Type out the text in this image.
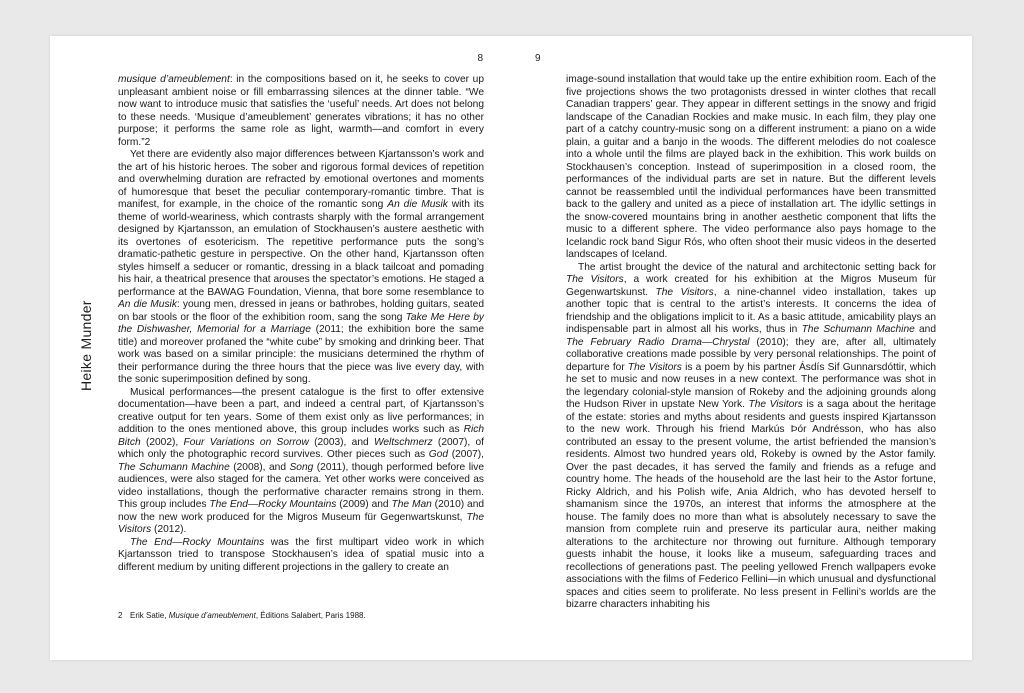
8
Heike Munder

musique d’ameublement: in the compositions based on it, he seeks to cover up unpleasant ambient noise or fill embarrassing silences at the dinner table. “We now want to introduce music that satisfies the ‘useful’ needs. Art does not belong to these needs. ‘Musique d’ameublement’ generates vibrations; it has no other purpose; it performs the same role as light, warmth—and comfort in every form.”2

Yet there are evidently also major differences between Kjartansson’s work and the art of his historic heroes. The sober and rigorous formal devices of repetition and overwhelming duration are refracted by emotional overtones and moments of humoresque that beset the peculiar contemporary-romantic timbre. That is manifest, for example, in the choice of the romantic song An die Musik with its theme of world-weariness, which contrasts sharply with the formal arrangement designed by Kjartansson, an emulation of Stockhausen’s austere aesthetic with its overtones of esotericism. The repetitive performance puts the song’s dramatic-pathetic gesture in perspective. On the other hand, Kjartansson often styles himself a seducer or romantic, dressing in a black tailcoat and pomading his hair, a theatrical presence that arouses the spectator’s emotions. He staged a performance at the BAWAG Foundation, Vienna, that bore some resemblance to An die Musik: young men, dressed in jeans or bathrobes, holding guitars, seated on bar stools or the floor of the exhibition room, sang the song Take Me Here by the Dishwasher, Memorial for a Marriage (2011; the exhibition bore the same title) and moreover profaned the “white cube” by smoking and drinking beer. That work was based on a similar principle: the musicians determined the rhythm of their performance during the three hours that the piece was live every day, with the sonic superimposition defined by song.

Musical performances—the present catalogue is the first to offer extensive documentation—have been a part, and indeed a central part, of Kjartansson’s creative output for ten years. Some of them exist only as live performances; in addition to the ones mentioned above, this group includes works such as Rich Bitch (2002), Four Variations on Sorrow (2003), and Weltschmerz (2007), of which only the photographic record survives. Other pieces such as God (2007), The Schumann Machine (2008), and Song (2011), though performed before live audiences, were also staged for the camera. Yet other works were conceived as video installations, though the performative character remains strong in them. This group includes The End—Rocky Mountains (2009) and The Man (2010) and now the new work produced for the Migros Museum für Gegenwartskunst, The Visitors (2012).

The End—Rocky Mountains was the first multipart video work in which Kjartansson tried to transpose Stockhausen’s idea of spatial music into a different medium by uniting different projections in the gallery to create an

2 Erik Satie, Musique d’ameublement, Éditions Salabert, Paris 1988.
9

image-sound installation that would take up the entire exhibition room. Each of the five projections shows the two protagonists dressed in winter clothes that recall Canadian trappers’ gear. They appear in different settings in the snowy and frigid landscape of the Canadian Rockies and make music. In each film, they play one part of a catchy country-music song on a different instrument: a piano on a wide plain, a guitar and a banjo in the woods. The different melodies do not coalesce into a whole until the films are played back in the exhibition. This work builds on Stockhausen’s conception. Instead of superimposition in a closed room, the performances of the individual parts are set in nature. But the different levels cannot be reassembled until the individual performances have been transmitted back to the gallery and united as a piece of installation art. The idyllic settings in the snow-covered mountains bring in another aesthetic component that lifts the music to a different sphere. The video performance also pays homage to the Icelandic rock band Sigur Rós, who often shoot their music videos in the deserted landscapes of Iceland.

The artist brought the device of the natural and architectonic setting back for The Visitors, a work created for his exhibition at the Migros Museum für Gegenwartskunst. The Visitors, a nine-channel video installation, takes up another topic that is central to the artist’s interests. It concerns the idea of friendship and the obligations implicit to it. As a basic attitude, amicability plays an indispensable part in almost all his works, thus in The Schumann Machine and The February Radio Drama—Chrystal (2010); they are, after all, ultimately collaborative creations made possible by very personal relationships. The point of departure for The Visitors is a poem by his partner Ásdís Sif Gunnarsdóttir, which he set to music and now reuses in a new context. The performance was shot in the legendary colonial-style mansion of Rokeby and the adjoining grounds along the Hudson River in upstate New York. The Visitors is a saga about the heritage of the estate: stories and myths about residents and guests inspired Kjartansson to the new work. Through his friend Markús Þór Andrésson, who has also contributed an essay to the present volume, the artist befriended the mansion’s residents. Almost two hundred years old, Rokeby is owned by the Astor family. Over the past decades, it has served the family and friends as a refuge and country home. The heads of the household are the last heir to the Astor fortune, Ricky Aldrich, and his Polish wife, Ania Aldrich, who has devoted herself to shamanism since the 1970s, an interest that informs the atmosphere at the house. The family does no more than what is absolutely necessary to save the mansion from complete ruin and preserve its particular aura, neither making alterations to the architecture nor throwing out furniture. Although temporary guests inhabit the house, it looks like a museum, safeguarding traces and recollections of generations past. The peeling yellowed French wallpapers evoke associations with the films of Federico Fellini—in which unusual and dysfunctional spaces and cities seem to proliferate. No less present in Fellini’s worlds are the bizarre characters inhabiting his
